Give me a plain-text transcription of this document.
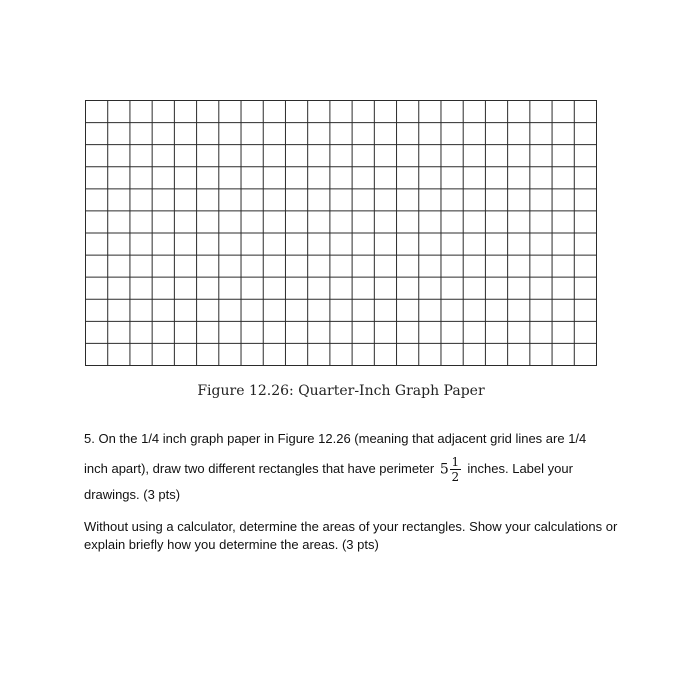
Figure 12.26: Quarter-Inch Graph Paper
5. On the 1/4 inch graph paper in Figure 12.26 (meaning that adjacent grid lines are 1/4
inch apart), draw two different rectangles that have perimeter $5 \frac{1}{2}$ inches. Label your
drawings. (3 pts)
Without using a calculator, determine the areas of your rectangles. Show your calculations or explain briefly how you determine the areas. (3 pts)
